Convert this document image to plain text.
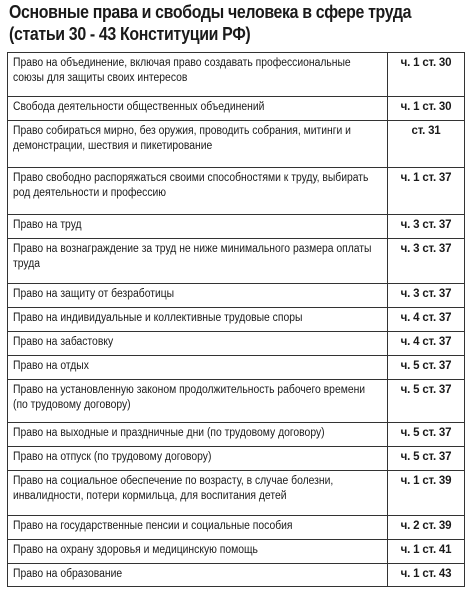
Основные права и свободы человека в сфере труда
(статьи 30 - 43 Конституции РФ)
Право на объединение, включая право создавать профессиональные союзы для защиты своих интересов	ч. 1 ст. 30
Свобода деятельности общественных объединений	ч. 1 ст. 30
Право собираться мирно, без оружия, проводить собрания, митинги и демонстрации, шествия и пикетирование	ст. 31
Право свободно распоряжаться своими способностями к труду, выбирать род деятельности и профессию	ч. 1 ст. 37
Право на труд	ч. 3 ст. 37
Право на вознаграждение за труд не ниже минимального размера оплаты труда	ч. 3 ст. 37
Право на защиту от безработицы	ч. 3 ст. 37
Право на индивидуальные и коллективные трудовые споры	ч. 4 ст. 37
Право на забастовку	ч. 4 ст. 37
Право на отдых	ч. 5 ст. 37
Право на установленную законом продолжительность рабочего времени (по трудовому договору)	ч. 5 ст. 37
Право на выходные и праздничные дни (по трудовому договору)	ч. 5 ст. 37
Право на отпуск (по трудовому договору)	ч. 5 ст. 37
Право на социальное обеспечение по возрасту, в случае болезни, инвалидности, потери кормильца, для воспитания детей	ч. 1 ст. 39
Право на государственные пенсии и социальные пособия	ч. 2 ст. 39
Право на охрану здоровья и медицинскую помощь	ч. 1 ст. 41
Право на образование	ч. 1 ст. 43
